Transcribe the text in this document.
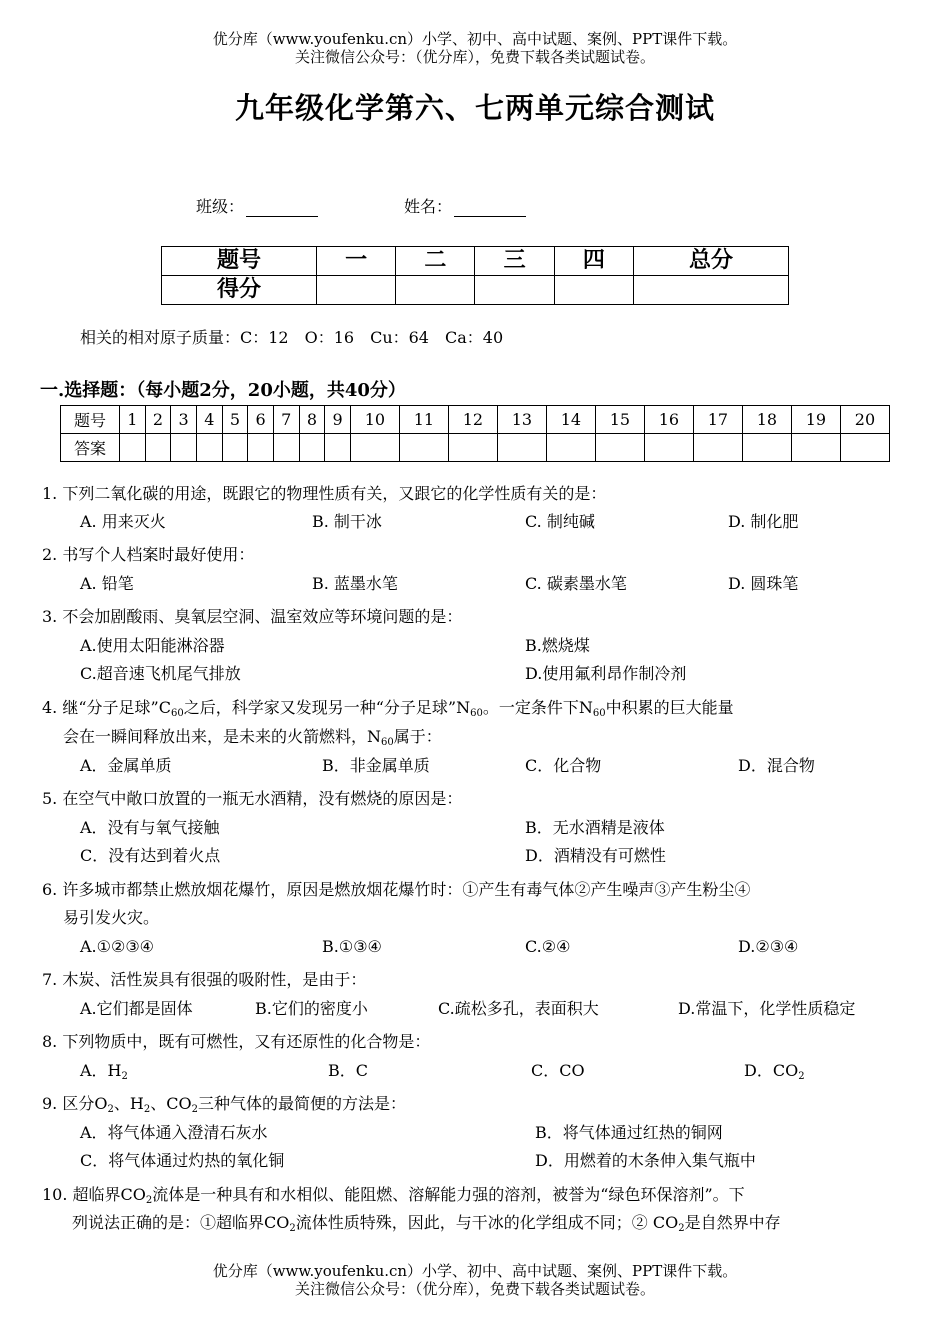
优分库（www.youfenku.cn）小学、初中、高中试题、案例、PPT课件下载。
关注微信公众号：（优分库），免费下载各类试题试卷。
九年级化学第六、七两单元综合测试
班级：	姓名：
题号	一	二	三	四	总分
得分					
相关的相对原子质量：C：12　O：16　Cu：64　Ca：40
一.选择题：（每小题2分，20小题，共40分）
题号	1	2	3	4	5	6	7	8	9	10	11	12	13	14	15	16	17	18	19	20
答案																				
1. 下列二氧化碳的用途，既跟它的物理性质有关，又跟它的化学性质有关的是：
A. 用来灭火	B. 制干冰	C. 制纯碱	D. 制化肥
2. 书写个人档案时最好使用：
A. 铅笔	B. 蓝墨水笔	C. 碳素墨水笔	D. 圆珠笔
3. 不会加剧酸雨、臭氧层空洞、温室效应等环境问题的是：
A.使用太阳能淋浴器	B.燃烧煤
C.超音速飞机尾气排放	D.使用氟利昂作制冷剂
4. 继“分子足球$”C_{60}$之后，科学家又发现另一种“分子足球$”N_{60}$。一定条件下$N_{60}$中积累的巨大能量
会在一瞬间释放出来，是未来的火箭燃料，$N_{60}$属于：
A．金属单质	B．非金属单质	C．化合物	D．混合物
5. 在空气中敞口放置的一瓶无水酒精，没有燃烧的原因是：
A．没有与氧气接触	B．无水酒精是液体
C．没有达到着火点	D．酒精没有可燃性
6. 许多城市都禁止燃放烟花爆竹，原因是燃放烟花爆竹时：①产生有毒气体②产生噪声③产生粉尘④
易引发火灾。
A.①②③④	B.①③④	C.②④	D.②③④
7. 木炭、活性炭具有很强的吸附性，是由于：
A.它们都是固体	B.它们的密度小	C.疏松多孔，表面积大	D.常温下，化学性质稳定
8. 下列物质中，既有可燃性，又有还原性的化合物是：
A．$H_2$	B．C	C．CO	D．$CO_2$
9. 区分$O_2$、$H_2$、$CO_2$三种气体的最简便的方法是：
A．将气体通入澄清石灰水	B．将气体通过红热的铜网
C．将气体通过灼热的氧化铜	D．用燃着的木条伸入集气瓶中
10. 超临界$CO_2$流体是一种具有和水相似、能阻燃、溶解能力强的溶剂，被誉为“绿色环保溶剂”。下
列说法正确的是：①超临界$CO_2$流体性质特殊，因此，与干冰的化学组成不同；② $CO_2$是自然界中存
优分库（www.youfenku.cn）小学、初中、高中试题、案例、PPT课件下载。
关注微信公众号：（优分库），免费下载各类试题试卷。
